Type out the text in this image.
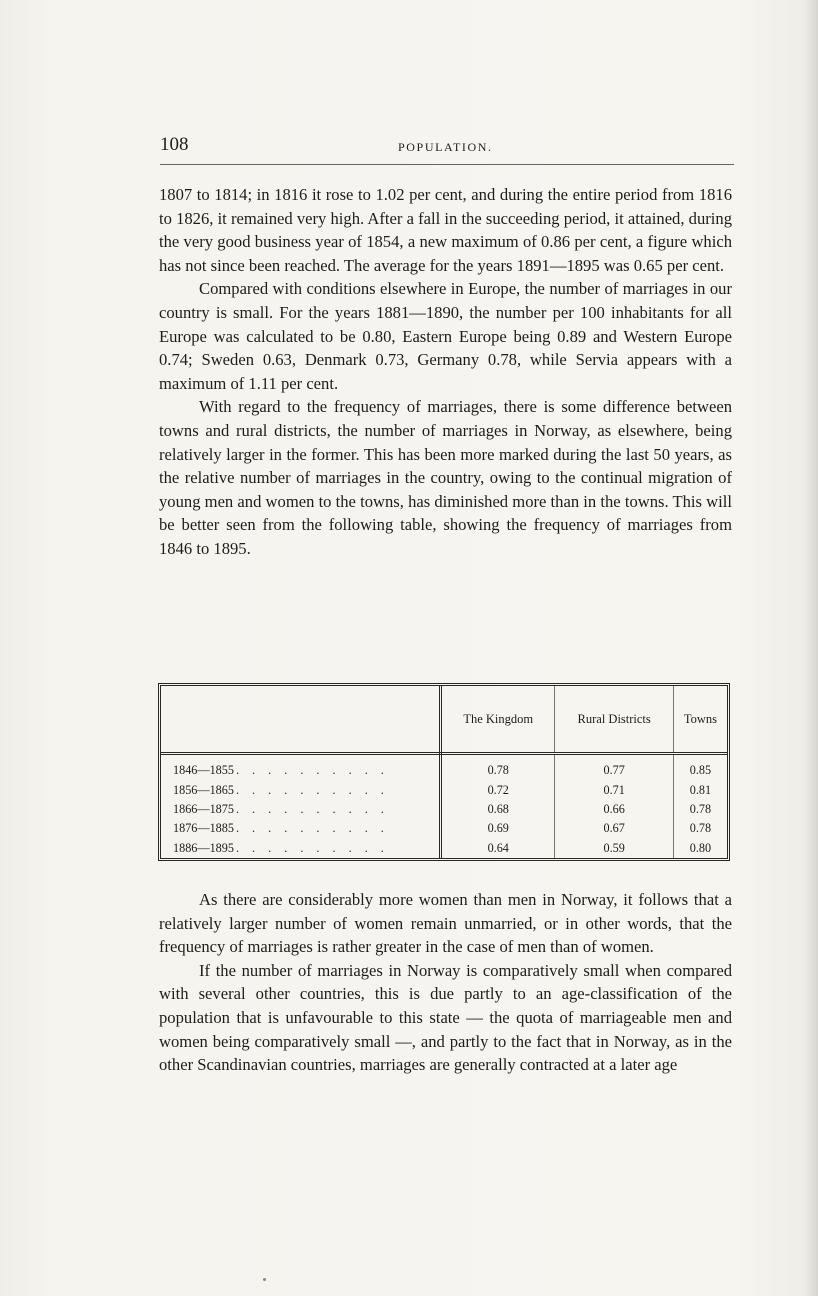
108	POPULATION.

1807 to 1814; in 1816 it rose to 1.02 per cent, and during the entire period from 1816 to 1826, it remained very high. After a fall in the succeeding period, it attained, during the very good business year of 1854, a new maximum of 0.86 per cent, a figure which has not since been reached. The average for the years 1891—1895 was 0.65 per cent.

Compared with conditions elsewhere in Europe, the number of marriages in our country is small. For the years 1881—1890, the number per 100 inhabitants for all Europe was calculated to be 0.80, Eastern Europe being 0.89 and Western Europe 0.74; Sweden 0.63, Denmark 0.73, Germany 0.78, while Servia appears with a maximum of 1.11 per cent.

With regard to the frequency of marriages, there is some difference between towns and rural districts, the number of marriages in Norway, as elsewhere, being relatively larger in the former. This has been more marked during the last 50 years, as the relative number of marriages in the country, owing to the continual migration of young men and women to the towns, has diminished more than in the towns. This will be better seen from the following table, showing the frequency of marriages from 1846 to 1895.

	The Kingdom	Rural Districts	Towns
1846—1855 . . . . . . . . . .	0.78	0.77	0.85
1856—1865 . . . . . . . . . .	0.72	0.71	0.81
1866—1875 . . . . . . . . . .	0.68	0.66	0.78
1876—1885 . . . . . . . . . .	0.69	0.67	0.78
1886—1895 . . . . . . . . . .	0.64	0.59	0.80

As there are considerably more women than men in Norway, it follows that a relatively larger number of women remain unmarried, or in other words, that the frequency of marriages is rather greater in the case of men than of women.

If the number of marriages in Norway is comparatively small when compared with several other countries, this is due partly to an age-classification of the population that is unfavourable to this state — the quota of marriageable men and women being comparatively small —, and partly to the fact that in Norway, as in the other Scandinavian countries, marriages are generally contracted at a later age
